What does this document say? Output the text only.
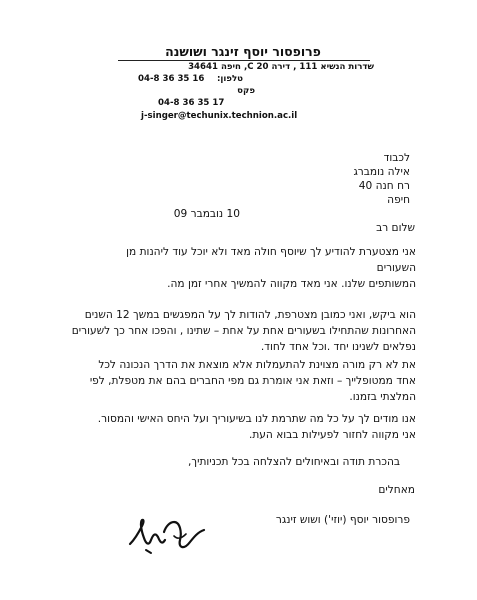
פרופסור יוסף זינגר ושושנה
שדרות הנשיא 111 , דירה C 20, חיפה 34641
04-8 36 35 16	טלפון:
פקס
04-8 36 35 17
j-singer@techunix.technion.ac.il
לכבוד
אילה נומברג
רח חנה 40
חיפה
10 נובמבר 09
שלום רב
אני מצטערת להודיע לך שיוסף חולה מאד ולא יוכל עוד ליהנות מן
השעורים
המשותפים שלנו. אני מאד מקווה להמשיך אחרי זמן מה.
הוא ביקש, ואני כמובן מצטרפת, להודות לך על המפגשים במשך 12 השנים
האחרונות שהתחילו בשעורים אחת על אחת – שתינו , והפכו אחר כך לשעורים
נפלאים לשנינו יחד .וכל אחד לחוד.
את לא רק מורה מצוינת להתעמלות אלא מוצאת את הדרך הנכונה לכל
אחד ממטופלייך – וזאת אני אומרת גם מפי החברים בהם את מטפלת, לפי
המלצתי בזמנו.
אנו מודים לך על כל מה שתרמת לנו בשיעוריך ועל היחס האישי והמסור.
אני מקווה לחזור לפעילות בבוא העת.
בהכרת תודה ובאיחולים להצלחה בכל תכניותיך,
מאחלים
פרופסור יוסף (יוזי') ושוש זינגר
